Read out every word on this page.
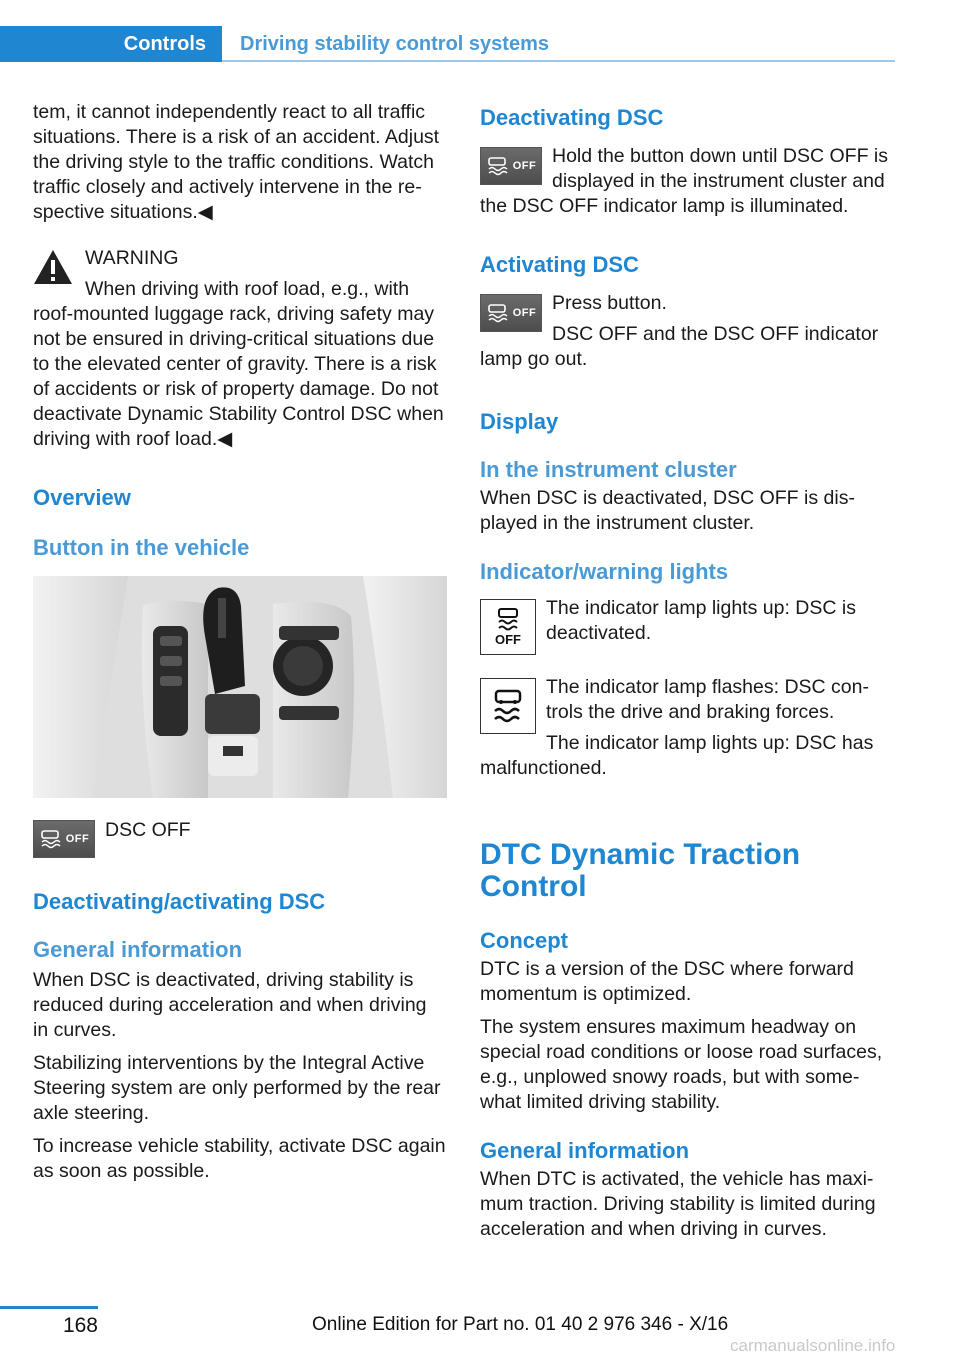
Controls	Driving stability control systems

tem, it cannot independently react to all traffic situations. There is a risk of an accident. Adjust the driving style to the traffic conditions. Watch traffic closely and actively intervene in the re‐spective situations.◀

WARNING

When driving with roof load, e.g., with roof-mounted luggage rack, driving safety may not be ensured in driving-critical situations due to the elevated center of gravity. There is a risk of accidents or risk of property damage. Do not deactivate Dynamic Stability Control DSC when driving with roof load.◀

Overview

Button in the vehicle

OFF DSC OFF

Deactivating/activating DSC

General information

When DSC is deactivated, driving stability is reduced during acceleration and when driving in curves.

Stabilizing interventions by the Integral Active Steering system are only performed by the rear axle steering.

To increase vehicle stability, activate DSC again as soon as possible.

Deactivating DSC

OFF Hold the button down until DSC OFF is displayed in the instrument cluster and the DSC OFF indicator lamp is illuminated.

Activating DSC

OFF Press button.

DSC OFF and the DSC OFF indicator lamp go out.

Display

In the instrument cluster

When DSC is deactivated, DSC OFF is dis‐played in the instrument cluster.

Indicator/warning lights

OFF

The indicator lamp lights up: DSC is deactivated.

The indicator lamp flashes: DSC con‐trols the drive and braking forces.

The indicator lamp lights up: DSC has malfunctioned.

DTC Dynamic Traction Control

Concept

DTC is a version of the DSC where forward momentum is optimized.

The system ensures maximum headway on special road conditions or loose road surfaces, e.g., unplowed snowy roads, but with some‐what limited driving stability.

General information

When DTC is activated, the vehicle has maxi‐mum traction. Driving stability is limited during acceleration and when driving in curves.

168	Online Edition for Part no. 01 40 2 976 346 - X/16
carmanualsonline.info
